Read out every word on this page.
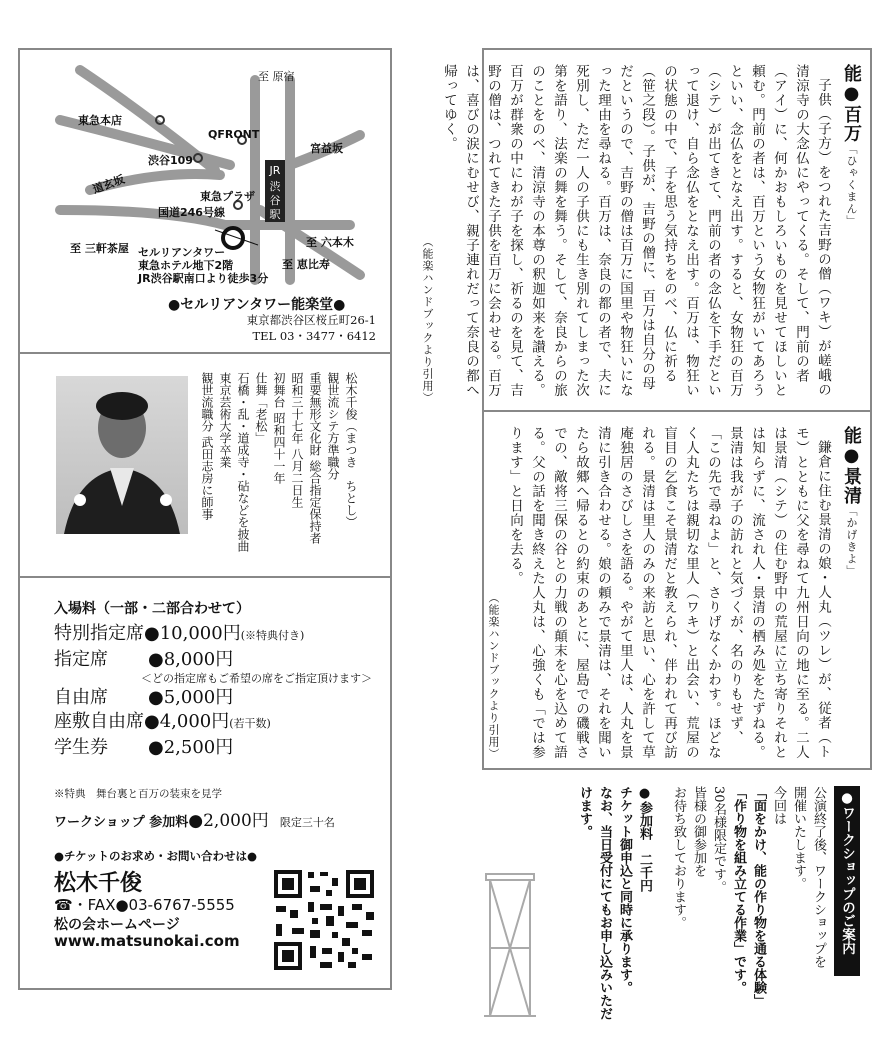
JR
渋
谷
駅
至 原宿
東急本店
QFRONT
宮益坂
渋谷109
道玄坂
東急プラザ
国道246号線
至 三軒茶屋	至 六本木
至 恵比寿
セルリアンタワー
東急ホテル地下2階
JR渋谷駅南口より徒歩3分
●セルリアンタワー能楽堂●
東京都渋谷区桜丘町26-1
TEL 03・3477・6412
松木千俊（まつき　ちとし）
観世流シテ方準職分
重要無形文化財 総合指定保持者
昭和三十七年 八月二日生
初舞台 昭和四十一年
仕舞「老松」
石橋・乱・道成寺・砧などを披曲
東京芸術大学卒業
観世流職分 武田志房に師事
入場料（一部・二部合わせて）
特別指定席●10,000円(※特典付き)
指定席 ●8,000円
＜どの指定席もご希望の席をご指定頂けます＞
自由席 ●5,000円
座敷自由席●4,000円(若干数)
学生券 ●2,500円
※特典　舞台裏と百万の装束を見学
ワークショップ 参加料●2,000円 限定三十名
●チケットのお求め・お問い合わせは●
松木千俊
☎・FAX●03-6767-5555
松の会ホームページ
www.matsunokai.com
能●百万「ひゃくまん」
子供（子方）をつれた吉野の僧（ワキ）が嵯峨の清涼寺の大念仏にやってくる。そして、門前の者（アイ）に、何かおもしろいものを見せてほしいと頼む。門前の者は、百万という女物狂がいてあろうといい、念仏をとなえ出す。すると、女物狂の百万（シテ）が出てきて、門前の者の念仏を下手だといって退け、自ら念仏をとなえ出す。百万は、物狂いの状態の中で、子を思う気持ちをのべ、仏に祈る（笹之段）。子供が、吉野の僧に、百万は自分の母だというので、吉野の僧は百万に国里や物狂いになった理由を尋ねる。百万は、奈良の都の者で、夫に死別し、ただ一人の子供にも生き別れてしまった次第を語り、法楽の舞を舞う。そして、奈良からの旅のことをのべ、清涼寺の本尊の釈迦如来を讃える。百万が群衆の中にわが子を探し、祈るのを見て、吉野の僧は、つれてきた子供を百万に会わせる。百万は、喜びの涙にむせび、親子連れだって奈良の都へ帰ってゆく。
（能楽ハンドブックより引用）
能●景清「かげきよ」
鎌倉に住む景清の娘・人丸（ツレ）が、従者（トモ）とともに父を尋ねて九州日向の地に至る。二人は景清（シテ）の住む野中の荒屋に立ち寄りそれとは知らずに、流され人・景清の栖み処をたずねる。景清は我が子の訪れと気づくが、名のりもせず、「この先で尋ねよ」と、さりげなくかわす。ほどなく人丸たちは親切な里人（ワキ）と出会い、荒屋の盲目の乞食こそ景清だと教えられ、伴われて再び訪れる。景清は里人のみの来訪と思い、心を許して草庵独居のさびしさを語る。やがて里人は、人丸を景清に引き合わせる。娘の頼みで景清は、それを聞いたら故郷へ帰るとの約束のあとに、屋島での磯戦さでの、敵将三保の谷との力戦の顛末を心を込めて語る。父の話を聞き終えた人丸は、心強くも「では参ります」と日向を去る。
（能楽ハンドブックより引用）
●ワークショップのご案内
公演終了後、ワークショップを
開催いたします。
今回は
「面をかけ、能の作り物を通る体験」
「作り物を組み立てる作業」です。
30名様限定です。
皆様の御参加を
お待ち致しております。
●参加料　二千円
チケット御申込と同時に承ります。
なお、当日受付にてもお申し込みいただけます。
